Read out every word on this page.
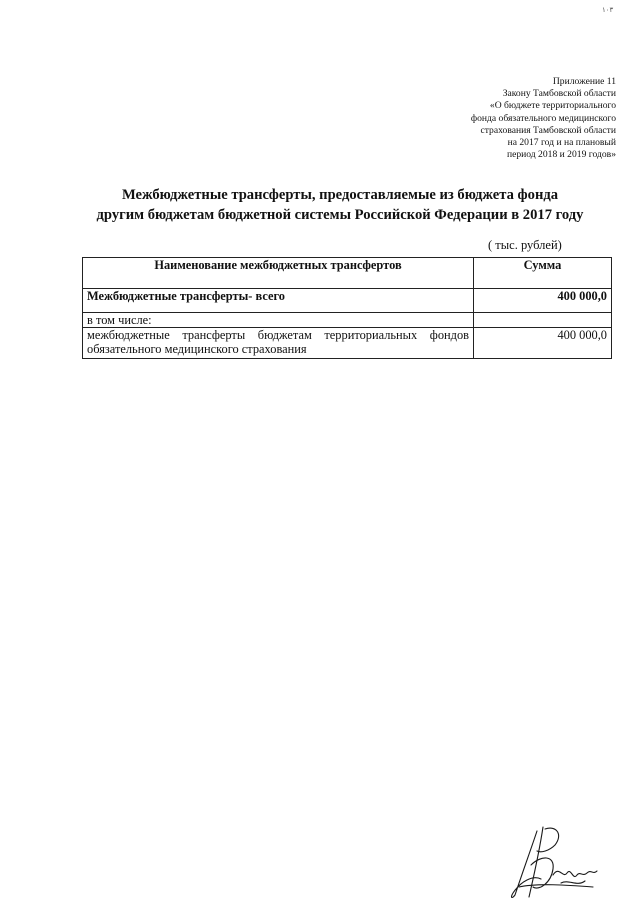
۱۰۳
Приложение 11
Закону Тамбовской области
«О бюджете территориального
фонда обязательного медицинского
страхования Тамбовской области
на 2017 год и на плановый
период 2018 и 2019 годов»
Межбюджетные трансферты, предоставляемые из бюджета фонда
другим бюджетам бюджетной системы Российской Федерации в 2017 году
( тыс. рублей)
Наименование межбюджетных трансфертов	Сумма
Межбюджетные трансферты- всего	400 000,0
в том числе:	
межбюджетные трансферты бюджетам территориальных фондов обязательного медицинского страхования	400 000,0
